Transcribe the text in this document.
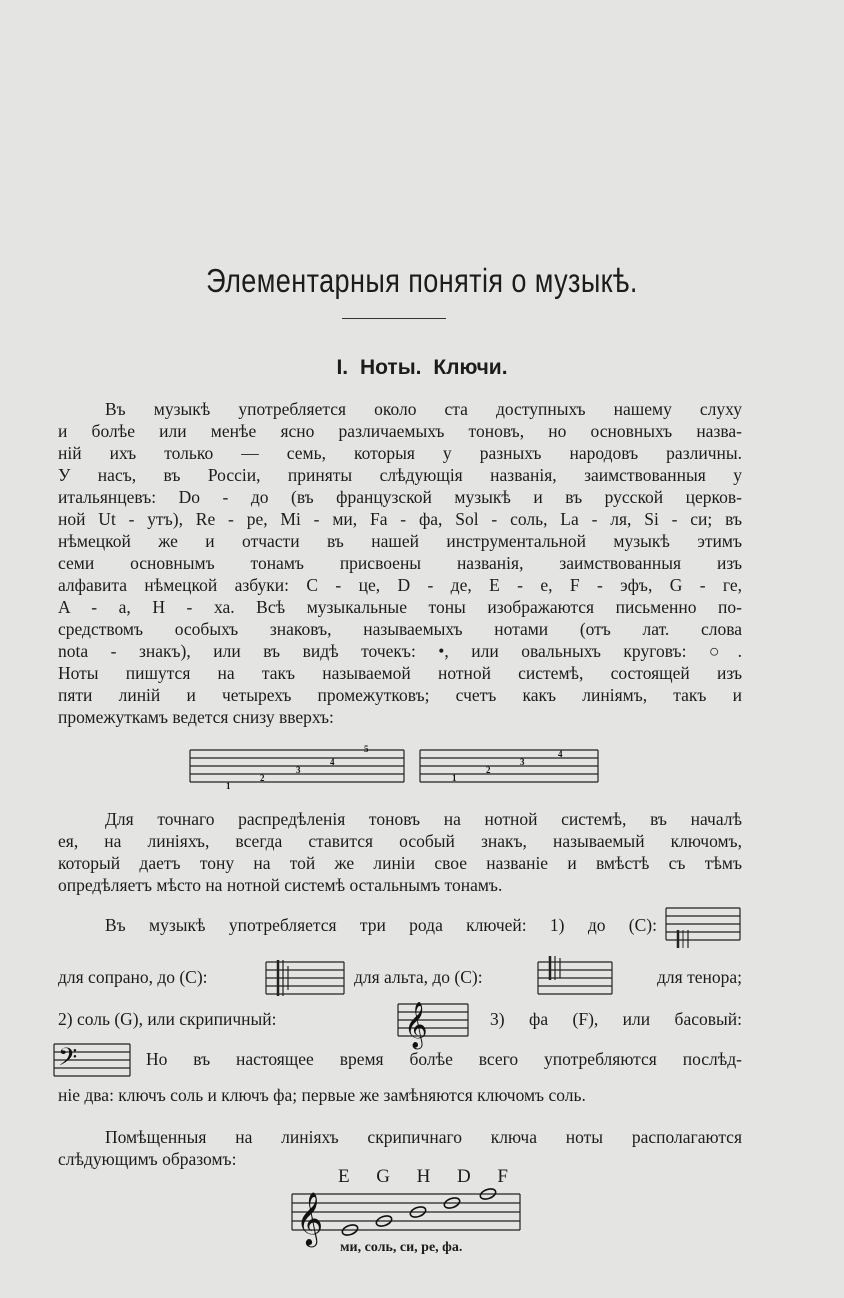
Элементарныя понятія о музыкѣ.
I. Ноты. Ключи.
Въ музыкѣ употребляется около ста доступныхъ нашему слуху
и болѣе или менѣе ясно различаемыхъ тоновъ, но основныхъ назва-
ній ихъ только — семь, которыя у разныхъ народовъ различны.
У насъ, въ Россіи, приняты слѣдующія названія, заимствованныя у
итальянцевъ: Do - до (въ французской музыкѣ и въ русской церков-
ной Ut - утъ), Re - ре, Mi - ми, Fa - фа, Sol - соль, La - ля, Si - си; въ
нѣмецкой же и отчасти въ нашей инструментальной музыкѣ этимъ
семи основнымъ тонамъ присвоены названія, заимствованныя изъ
алфавита нѣмецкой азбуки: C - це, D - де, E - е, F - эфъ, G - ге,
A - а, H - ха. Всѣ музыкальные тоны изображаются письменно по-
средствомъ особыхъ знаковъ, называемыхъ нотами (отъ лат. слова
nota - знакъ), или въ видѣ точекъ: •, или овальныхъ круговъ: ○.
Ноты пишутся на такъ называемой нотной системѣ, состоящей изъ
пяти линій и четырехъ промежутковъ; счетъ какъ линіямъ, такъ и
промежуткамъ ведется снизу вверхъ:
1
2
3
4
5
1
2
3
4
Для точнаго распредѣленія тоновъ на нотной системѣ, въ началѣ
ея, на линіяхъ, всегда ставится особый знакъ, называемый ключомъ,
который даетъ тону на той же линіи свое названіе и вмѣстѣ съ тѣмъ
опредѣляетъ мѣсто на нотной системѣ остальнымъ тонамъ.
Въ музыкѣ употребляется три рода ключей: 1) до (С):
для сопрано, до (С):	для альта, до (С):	для тенора;
2) соль (G), или скрипичный:	𝄞	3) фа (F), или басовый:
𝄢	Но въ настоящее время болѣе всего употребляются послѣд-
ніе два: ключъ соль и ключъ фа; первые же замѣняются ключомъ соль.
Помѣщенныя на линіяхъ скрипичнаго ключа ноты располагаются
слѣдующимъ образомъ:
E G H D F
𝄞
ми, соль, си, ре, фа.
